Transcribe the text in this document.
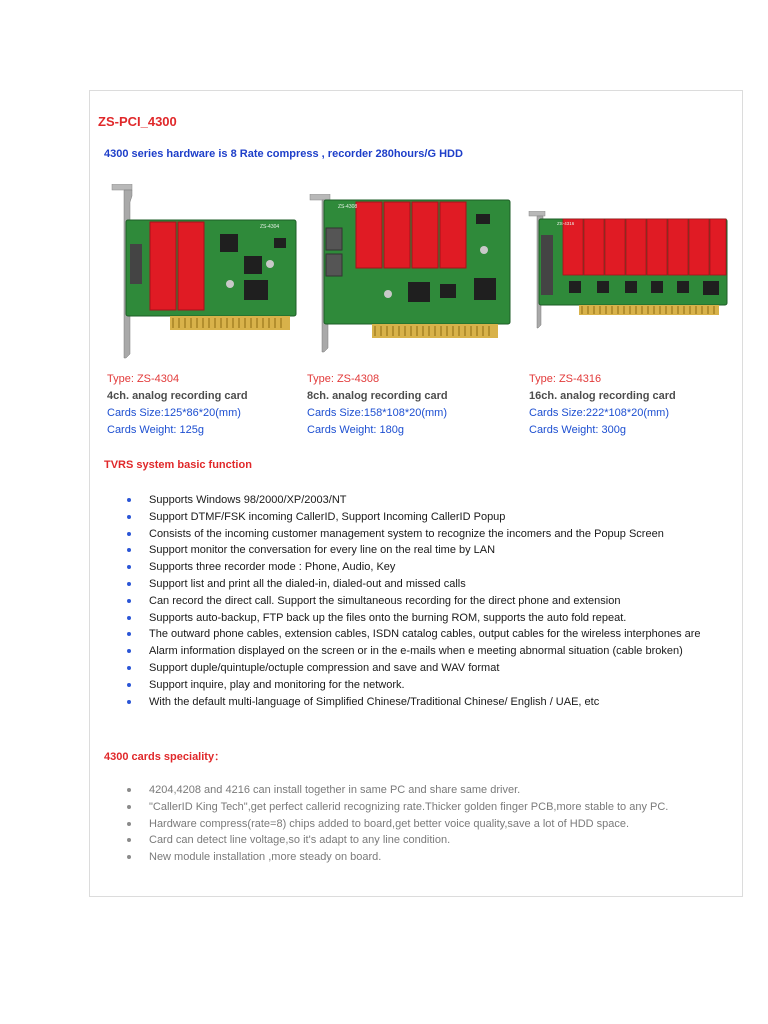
ZS-PCI_4300

4300 series hardware is 8 Rate compress , recorder 280hours/G HDD

ZS-4304
ZS-4308
ZS-4316
Type: ZS-4304
4ch. analog recording card
Cards Size:125*86*20(mm)
Cards Weight: 125g
Type: ZS-4308
8ch. analog recording card
Cards Size:158*108*20(mm)
Cards Weight: 180g
Type: ZS-4316
16ch. analog recording card
Cards Size:222*108*20(mm)
Cards Weight: 300g
TVRS system basic function
Supports Windows 98/2000/XP/2003/NT
Support DTMF/FSK incoming CallerID, Support Incoming CallerID Popup
Consists of the incoming customer management system to recognize the incomers and the Popup Screen
Support monitor the conversation for every line on the real time by LAN
Supports three recorder mode : Phone, Audio, Key
Support list and print all the dialed-in, dialed-out and missed calls
Can record the direct call. Support the simultaneous recording for the direct phone and extension
Supports auto-backup, FTP back up the files onto the burning ROM, supports the auto fold repeat.
The outward phone cables, extension cables, ISDN catalog cables, output cables for the wireless interphones are
Alarm information displayed on the screen or in the e-mails when e meeting abnormal situation (cable broken)
Support duple/quintuple/octuple compression and save and WAV format
Support inquire, play and monitoring for the network.
With the default multi-language of Simplified Chinese/Traditional Chinese/ English / UAE, etc
4300 cards speciality：
4204,4208 and 4216 can install together in same PC and share same driver.
"CallerID King Tech",get perfect callerid recognizing rate.Thicker golden finger PCB,more stable to any PC.
Hardware compress(rate=8) chips added to board,get better voice quality,save a lot of HDD space.
Card can detect line voltage,so it's adapt to any line condition.
New module installation ,more steady on board.
